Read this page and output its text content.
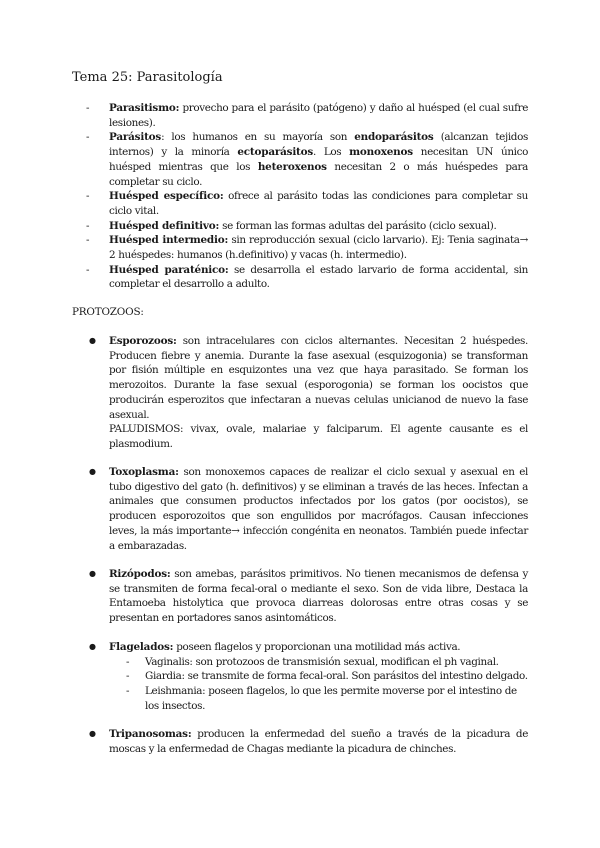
Tema 25: Parasitología
- Parasitismo: provecho para el parásito (patógeno) y daño al huésped (el cual sufre lesiones).
- Parásitos: los humanos en su mayoría son endoparásitos (alcanzan tejidos internos) y la minoría ectoparásitos. Los monoxenos necesitan UN único huésped mientras que los heteroxenos necesitan 2 o más huéspedes para completar su ciclo.
- Huésped específico: ofrece al parásito todas las condiciones para completar su ciclo vital.
- Huésped definitivo: se forman las formas adultas del parásito (ciclo sexual).
- Huésped intermedio: sin reproducción sexual (ciclo larvario). Ej: Tenia saginata→ 2 huéspedes: humanos (h.definitivo) y vacas (h. intermedio).
- Huésped paraténico: se desarrolla el estado larvario de forma accidental, sin completar el desarrollo a adulto.

PROTOZOOS:

● Esporozoos: son intracelulares con ciclos alternantes. Necesitan 2 huéspedes. Producen fiebre y anemia. Durante la fase asexual (esquizogonia) se transforman por fisión múltiple en esquizontes una vez que haya parasitado. Se forman los merozoitos. Durante la fase sexual (esporogonia) se forman los oocistos que producirán esperozitos que infectaran a nuevas celulas unicianod de nuevo la fase asexual.
PALUDISMOS: vivax, ovale, malariae y falciparum. El agente causante es el plasmodium.
● Toxoplasma: son monoxemos capaces de realizar el ciclo sexual y asexual en el tubo digestivo del gato (h. definitivos) y se eliminan a través de las heces. Infectan a animales que consumen productos infectados por los gatos (por oocistos), se producen esporozoitos que son engullidos por macrófagos. Causan infecciones leves, la más importante→ infección congénita en neonatos. También puede infectar a embarazadas.
● Rizópodos: son amebas, parásitos primitivos. No tienen mecanismos de defensa y se transmiten de forma fecal-oral o mediante el sexo. Son de vida libre, Destaca la Entamoeba histolytica que provoca diarreas dolorosas entre otras cosas y se presentan en portadores sanos asintomáticos.
● Flagelados: poseen flagelos y proporcionan una motilidad más activa.
- Vaginalis: son protozoos de transmisión sexual, modifican el ph vaginal.
- Giardia: se transmite de forma fecal-oral. Son parásitos del intestino delgado.
- Leishmania: poseen flagelos, lo que les permite moverse por el intestino de los insectos.
● Tripanosomas: producen la enfermedad del sueño a través de la picadura de moscas y la enfermedad de Chagas mediante la picadura de chinches.
